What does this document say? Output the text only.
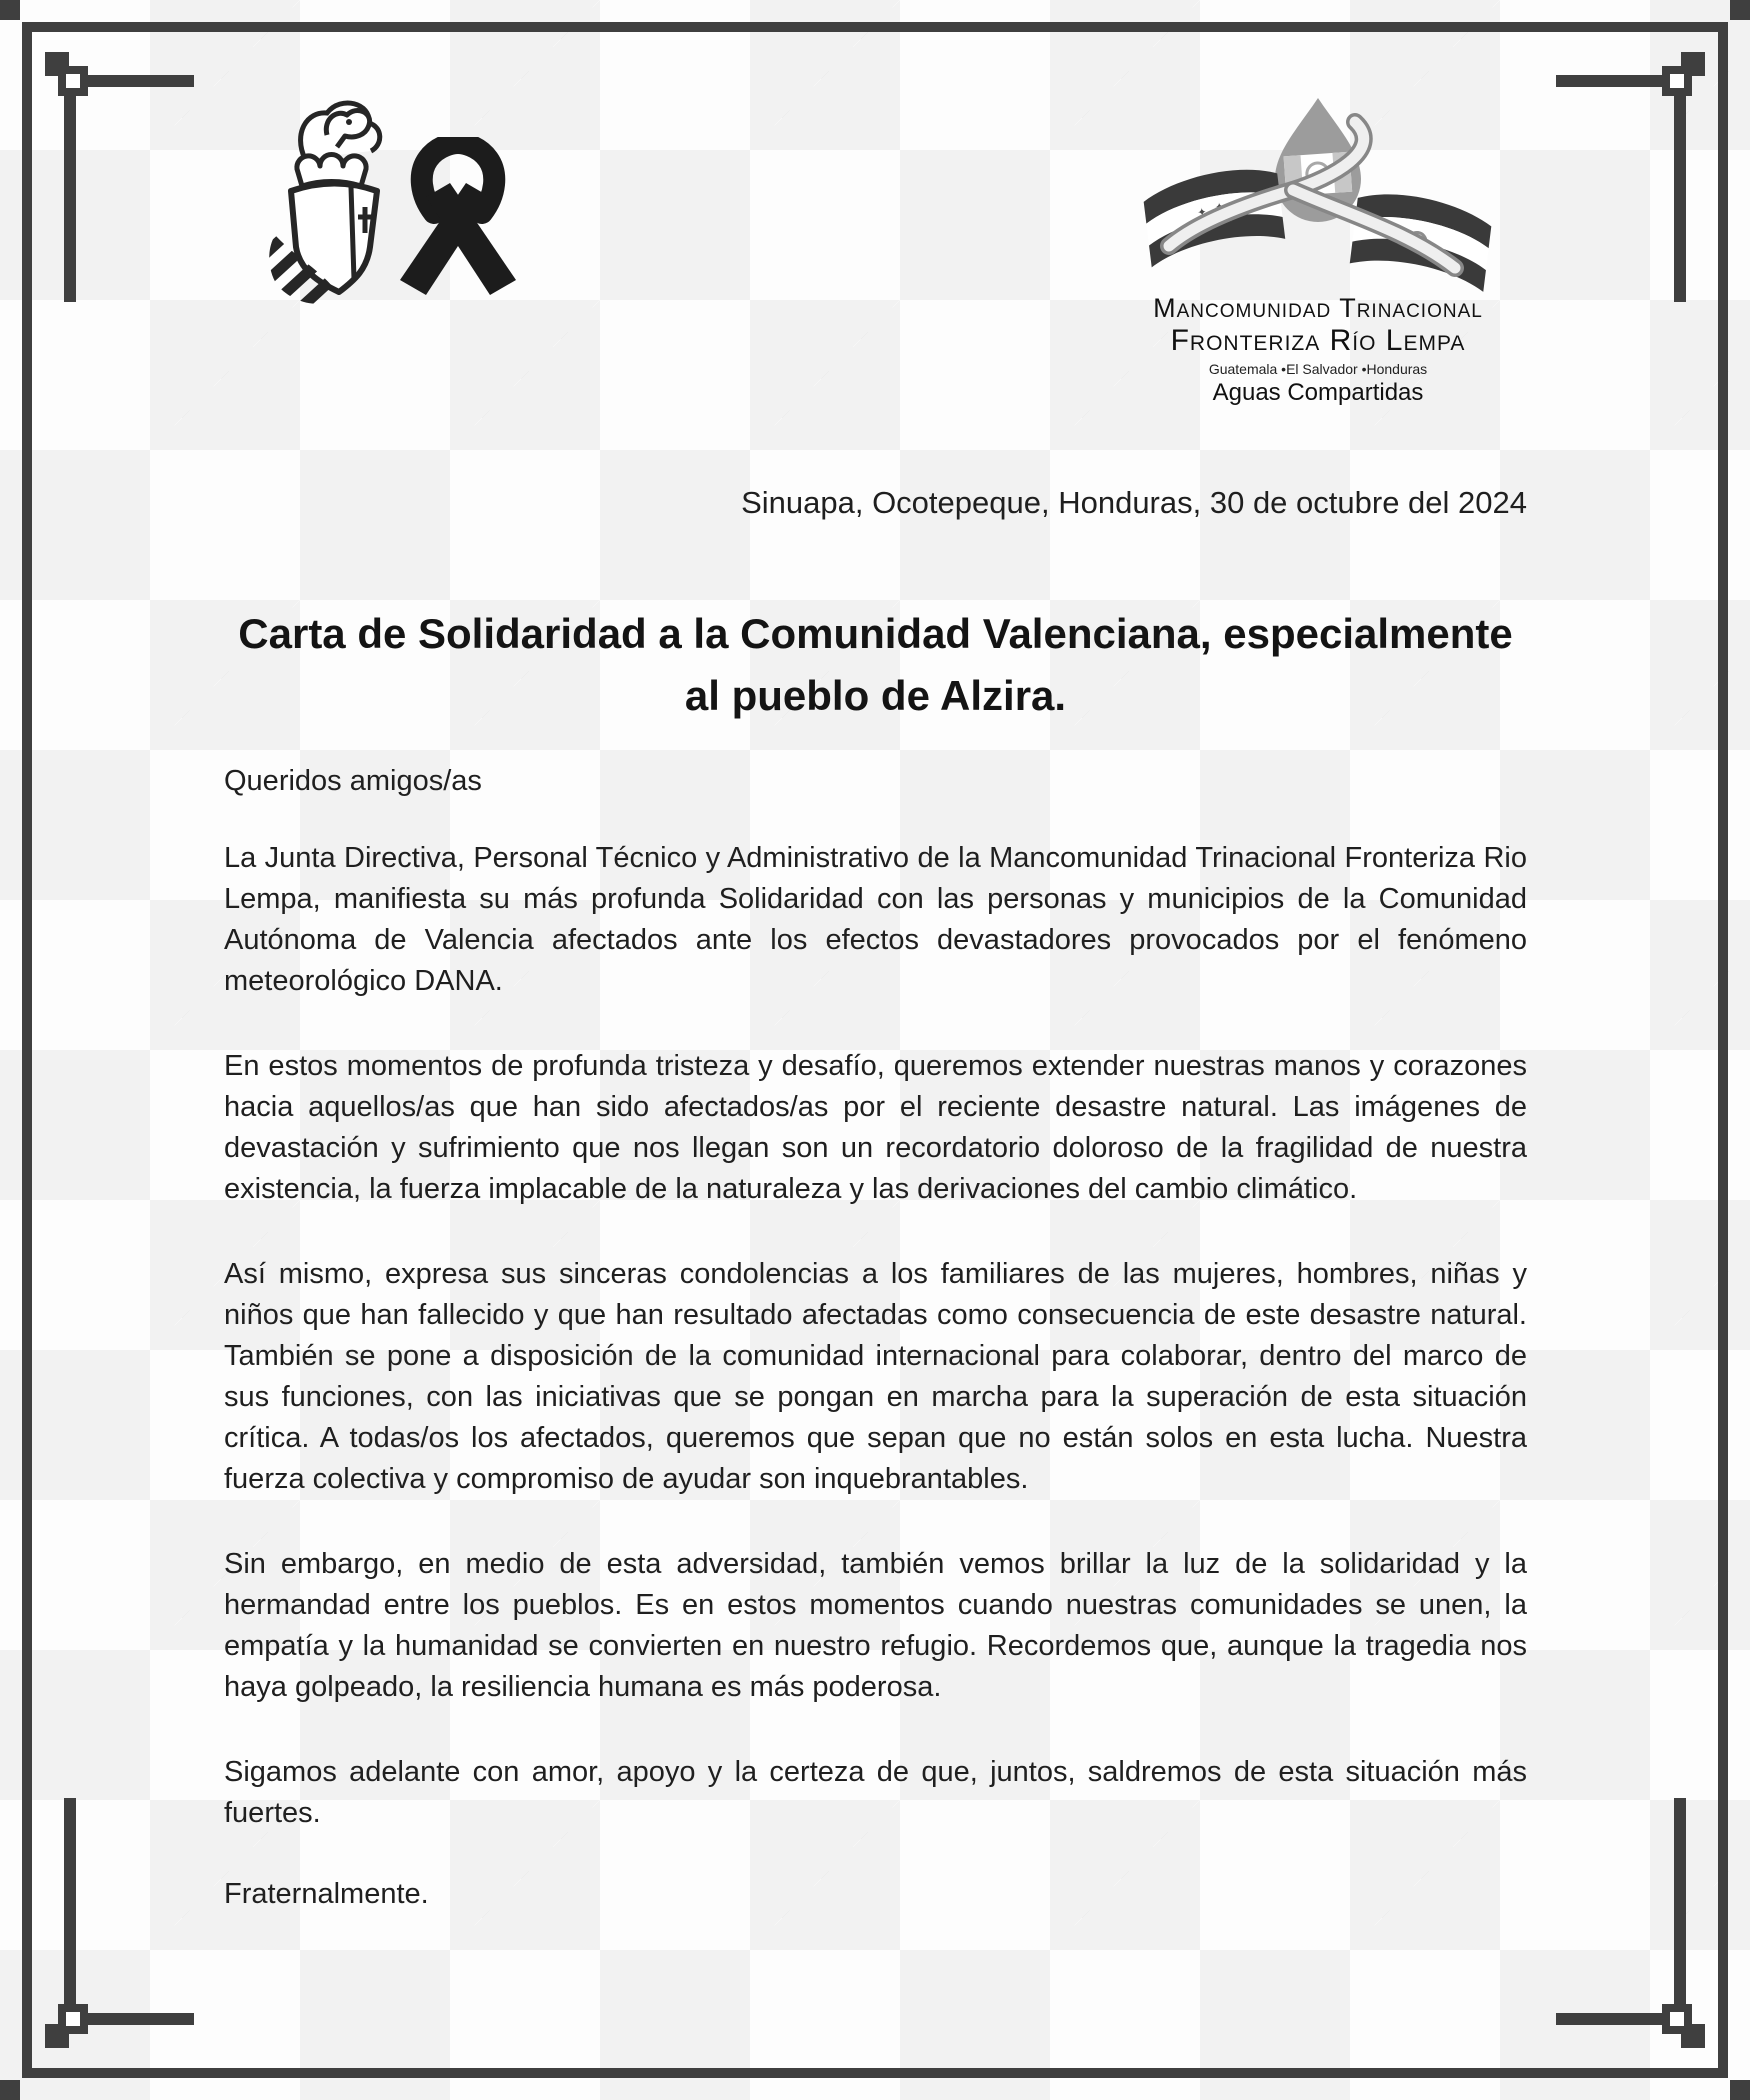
✦ ✦ ✦
✦ ✦
Mancomunidad Trinacional
Fronteriza Río Lempa
Guatemala •El Salvador •Honduras
Aguas Compartidas

Sinuapa, Ocotepeque, Honduras, 30 de octubre del 2024

Carta de Solidaridad a la Comunidad Valenciana, especialmente
al pueblo de Alzira.

Queridos amigos/as

La Junta Directiva, Personal Técnico y Administrativo de la Mancomunidad Trinacional Fronteriza Rio Lempa, manifiesta su más profunda Solidaridad con las personas y municipios de la Comunidad Autónoma de Valencia afectados ante los efectos devastadores provocados por el fenómeno meteorológico DANA.

En estos momentos de profunda tristeza y desafío, queremos extender nuestras manos y corazones hacia aquellos/as que han sido afectados/as por el reciente desastre natural. Las imágenes de devastación y sufrimiento que nos llegan son un recordatorio doloroso de la fragilidad de nuestra existencia, la fuerza implacable de la naturaleza y las derivaciones del cambio climático.

Así mismo, expresa sus sinceras condolencias a los familiares de las mujeres, hombres, niñas y niños que han fallecido y que han resultado afectadas como consecuencia de este desastre natural. También se pone a disposición de la comunidad internacional para colaborar, dentro del marco de sus funciones, con las iniciativas que se pongan en marcha para la superación de esta situación crítica. A todas/os los afectados, queremos que sepan que no están solos en esta lucha. Nuestra fuerza colectiva y compromiso de ayudar son inquebrantables.

Sin embargo, en medio de esta adversidad, también vemos brillar la luz de la solidaridad y la hermandad entre los pueblos. Es en estos momentos cuando nuestras comunidades se unen, la empatía y la humanidad se convierten en nuestro refugio. Recordemos que, aunque la tragedia nos haya golpeado, la resiliencia humana es más poderosa.

Sigamos adelante con amor, apoyo y la certeza de que, juntos, saldremos de esta situación más fuertes.

Fraternalmente.
